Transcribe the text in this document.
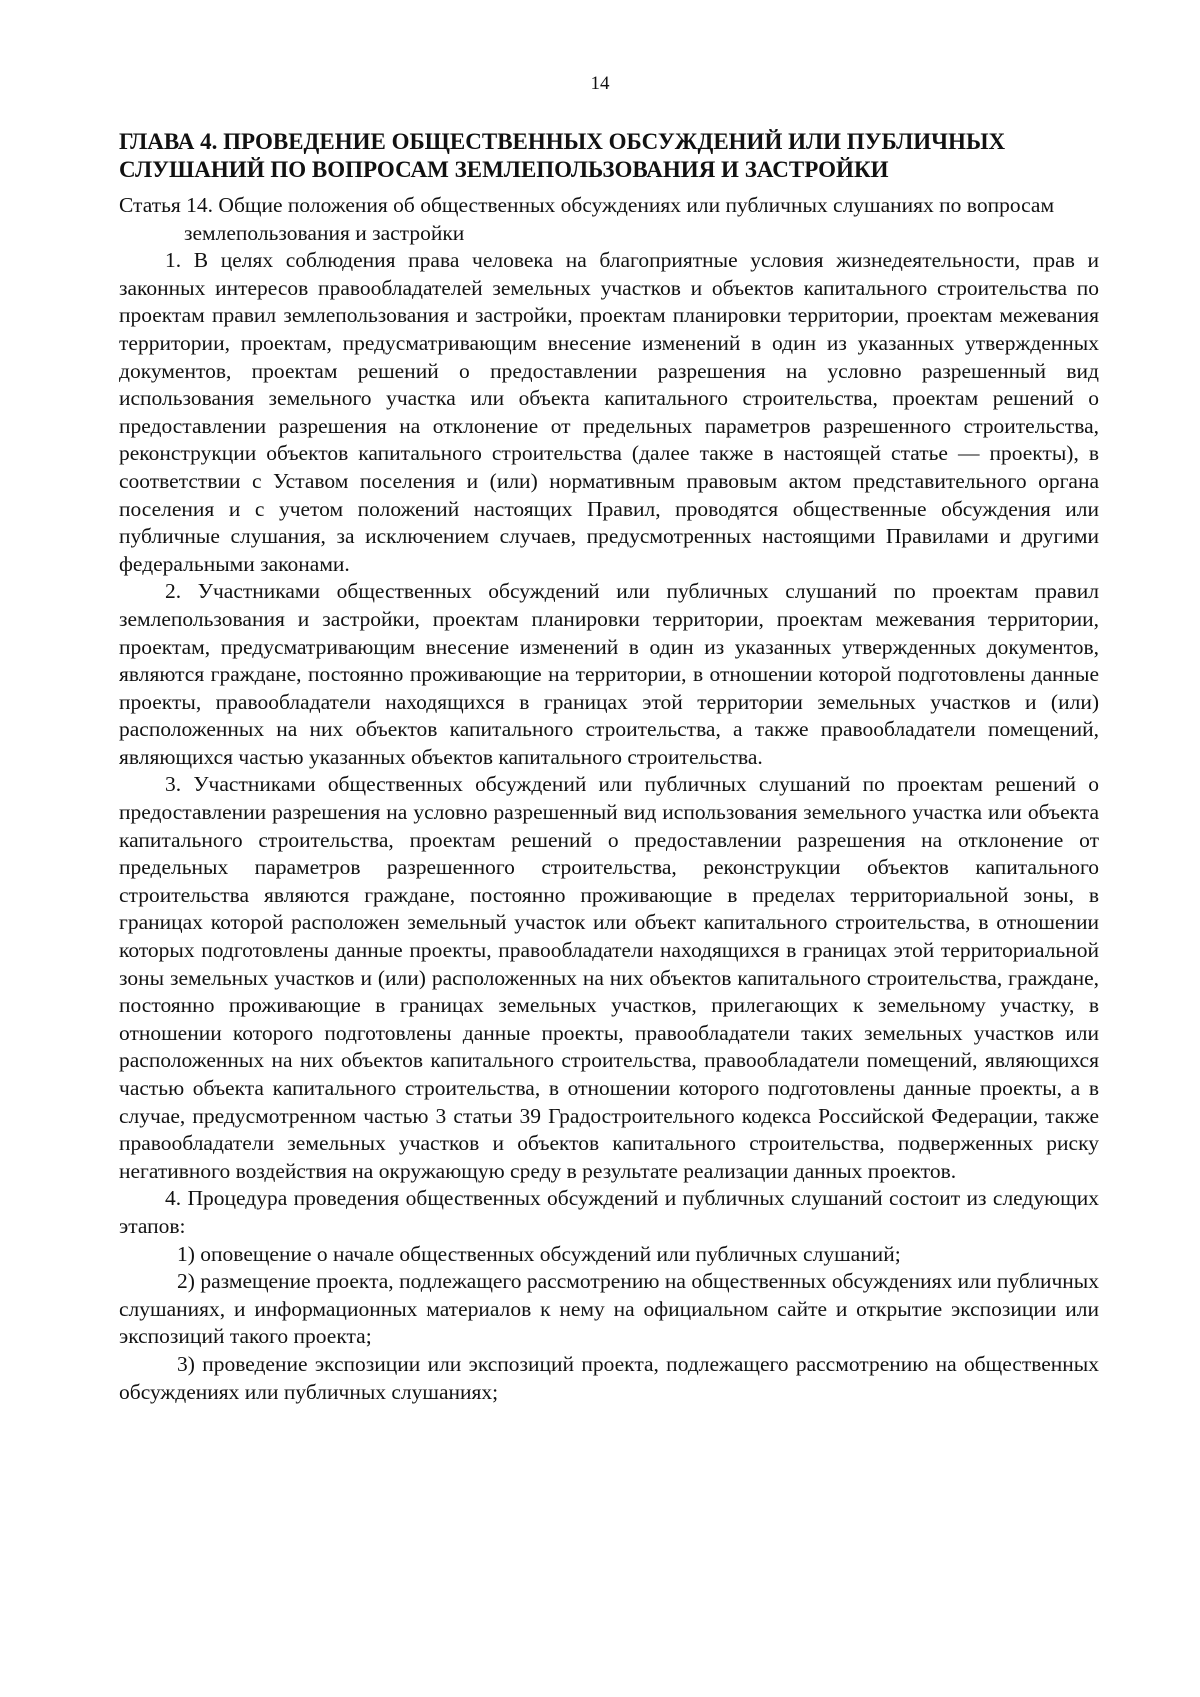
14
ГЛАВА 4. ПРОВЕДЕНИЕ ОБЩЕСТВЕННЫХ ОБСУЖДЕНИЙ ИЛИ ПУБЛИЧНЫХ
СЛУШАНИЙ ПО ВОПРОСАМ ЗЕМЛЕПОЛЬЗОВАНИЯ И ЗАСТРОЙКИ

Статья 14. Общие положения об общественных обсуждениях или публичных слушаниях по вопросам землепользования и застройки

1. В целях соблюдения права человека на благоприятные условия жизнедеятельности, прав и законных интересов правообладателей земельных участков и объектов капитального строительства по проектам правил землепользования и застройки, проектам планировки территории, проектам межевания территории, проектам, предусматривающим внесение изменений в один из указанных утвержденных документов, проектам решений о предоставлении разрешения на условно разрешенный вид использования земельного участка или объекта капитального строительства, проектам решений о предоставлении разрешения на отклонение от предельных параметров разрешенного строительства, реконструкции объектов капитального строительства (далее также в настоящей статье — проекты), в соответствии с Уставом поселения и (или) нормативным правовым актом представительного органа поселения и с учетом положений настоящих Правил, проводятся общественные обсуждения или публичные слушания, за исключением случаев, предусмотренных настоящими Правилами и другими федеральными законами.

2. Участниками общественных обсуждений или публичных слушаний по проектам правил землепользования и застройки, проектам планировки территории, проектам межевания территории, проектам, предусматривающим внесение изменений в один из указанных утвержденных документов, являются граждане, постоянно проживающие на территории, в отношении которой подготовлены данные проекты, правообладатели находящихся в границах этой территории земельных участков и (или) расположенных на них объектов капитального строительства, а также правообладатели помещений, являющихся частью указанных объектов капитального строительства.

3. Участниками общественных обсуждений или публичных слушаний по проектам решений о предоставлении разрешения на условно разрешенный вид использования земельного участка или объекта капитального строительства, проектам решений о предоставлении разрешения на отклонение от предельных параметров разрешенного строительства, реконструкции объектов капитального строительства являются граждане, постоянно проживающие в пределах территориальной зоны, в границах которой расположен земельный участок или объект капитального строительства, в отношении которых подготовлены данные проекты, правообладатели находящихся в границах этой территориальной зоны земельных участков и (или) расположенных на них объектов капитального строительства, граждане, постоянно проживающие в границах земельных участков, прилегающих к земельному участку, в отношении которого подготовлены данные проекты, правообладатели таких земельных участков или расположенных на них объектов капитального строительства, правообладатели помещений, являющихся частью объекта капитального строительства, в отношении которого подготовлены данные проекты, а в случае, предусмотренном частью 3 статьи 39 Градостроительного кодекса Российской Федерации, также правообладатели земельных участков и объектов капитального строительства, подверженных риску негативного воздействия на окружающую среду в результате реализации данных проектов.

4. Процедура проведения общественных обсуждений и публичных слушаний состоит из следующих этапов:

1) оповещение о начале общественных обсуждений или публичных слушаний;

2) размещение проекта, подлежащего рассмотрению на общественных обсуждениях или публичных слушаниях, и информационных материалов к нему на официальном сайте и открытие экспозиции или экспозиций такого проекта;

3) проведение экспозиции или экспозиций проекта, подлежащего рассмотрению на общественных обсуждениях или публичных слушаниях;
